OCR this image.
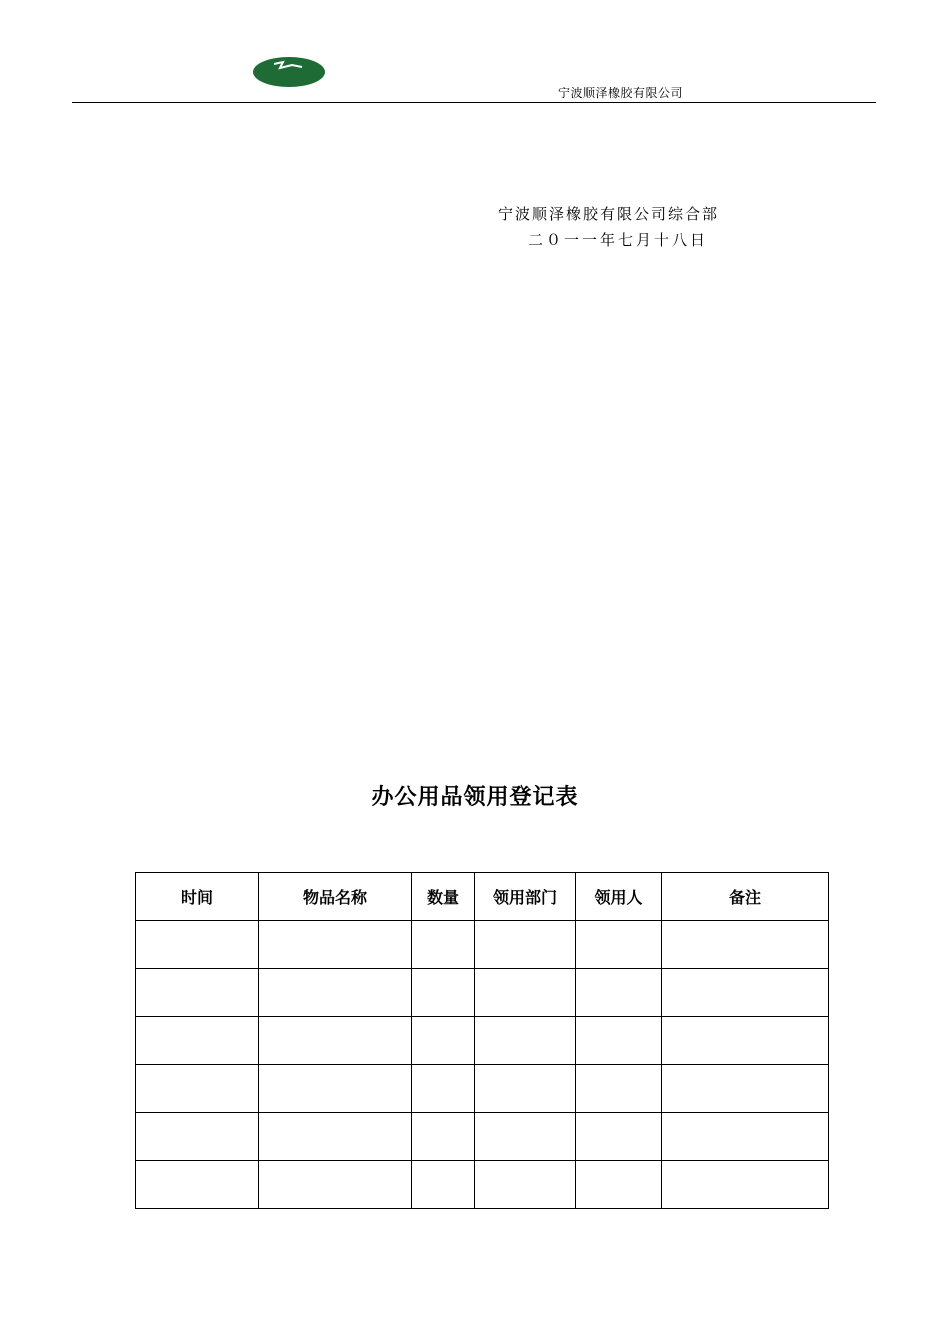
宁波顺泽橡胶有限公司
宁波顺泽橡胶有限公司综合部
二０一一年七月十八日
办公用品领用登记表
时间	物品名称	数量	领用部门	领用人	备注
